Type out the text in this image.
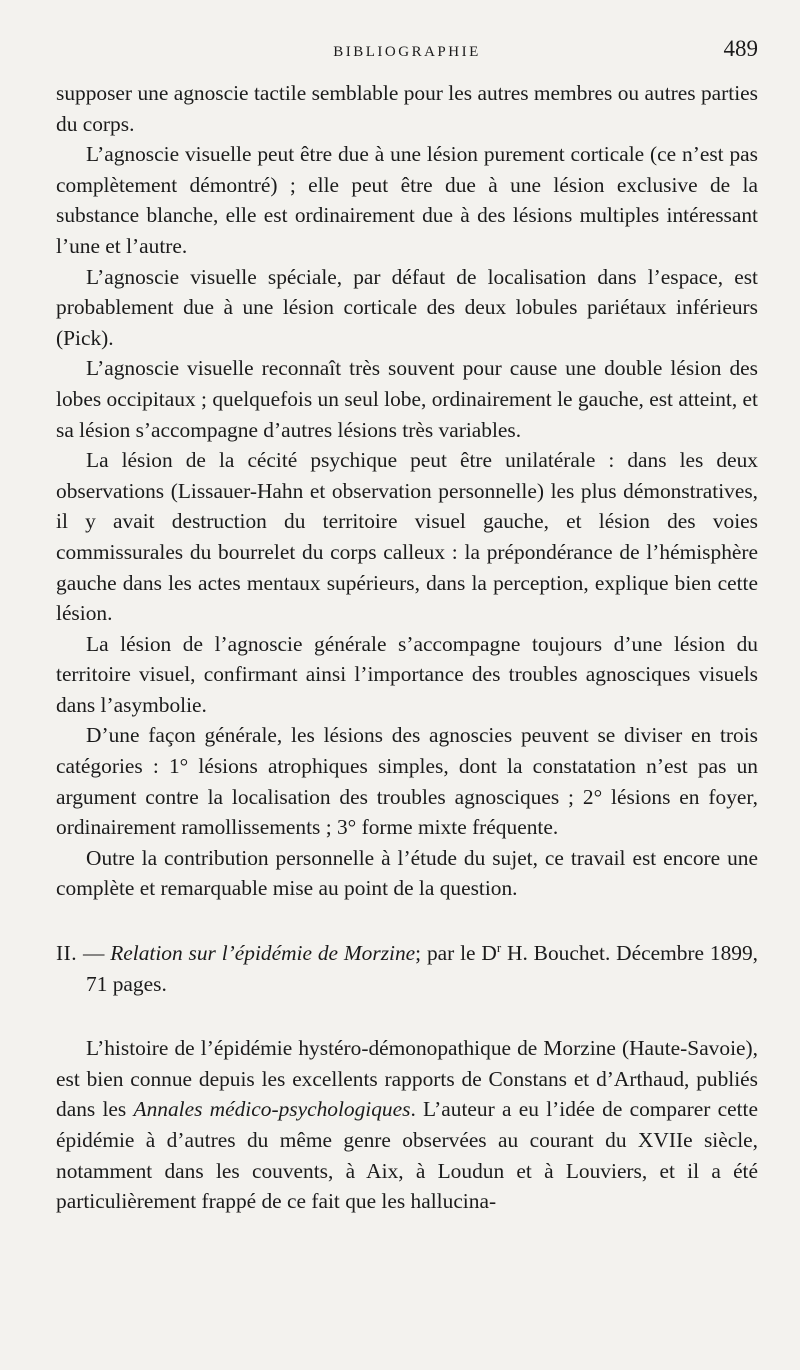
BIBLIOGRAPHIE	489

supposer une agnoscie tactile semblable pour les autres membres ou autres parties du corps.

L’agnoscie visuelle peut être due à une lésion purement corticale (ce n’est pas complètement démontré) ; elle peut être due à une lésion exclusive de la substance blanche, elle est ordinairement due à des lésions multiples intéressant l’une et l’autre.

L’agnoscie visuelle spéciale, par défaut de localisation dans l’espace, est probablement due à une lésion corticale des deux lobules pariétaux inférieurs (Pick).

L’agnoscie visuelle reconnaît très souvent pour cause une double lésion des lobes occipitaux ; quelquefois un seul lobe, ordinairement le gauche, est atteint, et sa lésion s’accompagne d’autres lésions très variables.

La lésion de la cécité psychique peut être unilatérale : dans les deux observations (Lissauer-Hahn et observation personnelle) les plus démonstratives, il y avait destruction du territoire visuel gauche, et lésion des voies commissurales du bourrelet du corps calleux : la prépondérance de l’hémisphère gauche dans les actes mentaux supérieurs, dans la perception, explique bien cette lésion.

La lésion de l’agnoscie générale s’accompagne toujours d’une lésion du territoire visuel, confirmant ainsi l’importance des troubles agnosciques visuels dans l’asymbolie.

D’une façon générale, les lésions des agnoscies peuvent se diviser en trois catégories : 1° lésions atrophiques simples, dont la constatation n’est pas un argument contre la localisation des troubles agnosciques ; 2° lésions en foyer, ordinairement ramollissements ; 3° forme mixte fréquente.

Outre la contribution personnelle à l’étude du sujet, ce travail est encore une complète et remarquable mise au point de la question.

II. — Relation sur l’épidémie de Morzine; par le $D^r$ H. Bouchet. Décembre 1899, 71 pages.

L’histoire de l’épidémie hystéro-démonopathique de Morzine (Haute-Savoie), est bien connue depuis les excellents rapports de Constans et d’Arthaud, publiés dans les Annales médico-psychologiques. L’auteur a eu l’idée de comparer cette épidémie à d’autres du même genre observées au courant du XVIIe siècle, notamment dans les couvents, à Aix, à Loudun et à Louviers, et il a été particulièrement frappé de ce fait que les hallucina-
